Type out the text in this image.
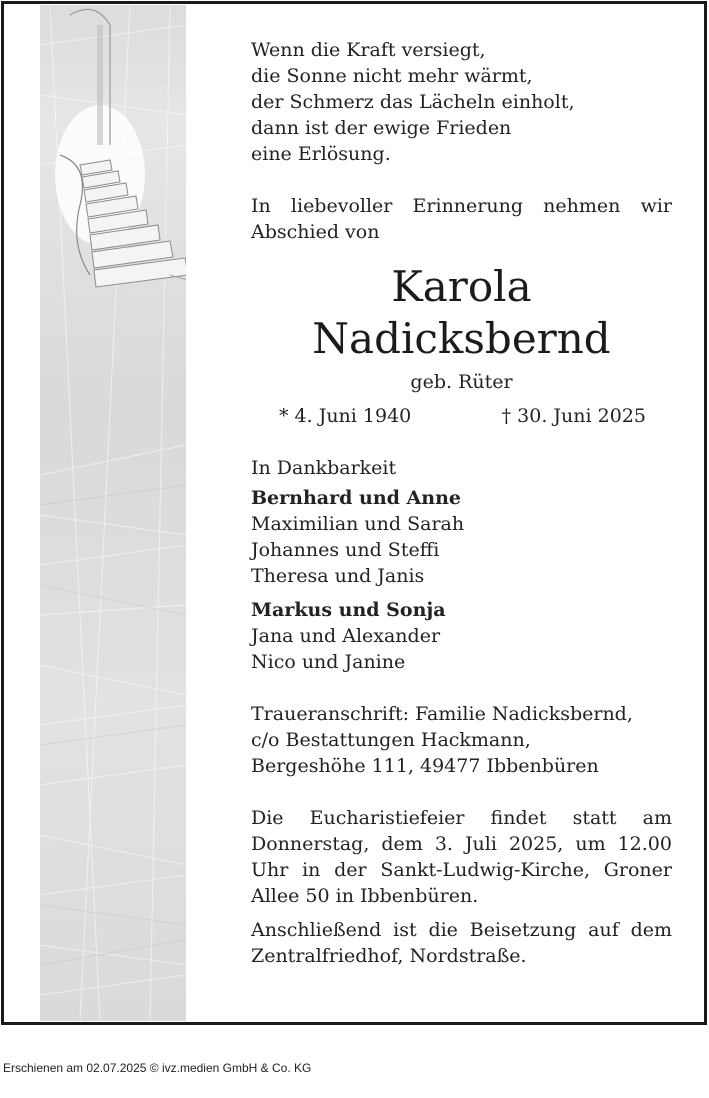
Wenn die Kraft versiegt,
die Sonne nicht mehr wärmt,
der Schmerz das Lächeln einholt,
dann ist der ewige Frieden
eine Erlösung.
In liebevoller Erinnerung nehmen wir Abschied von
Karola
Nadicksbernd
geb. Rüter
* 4. Juni 1940	† 30. Juni 2025
In Dankbarkeit
Bernhard und Anne
Maximilian und Sarah
Johannes und Steffi
Theresa und Janis
Markus und Sonja
Jana und Alexander
Nico und Janine
Traueranschrift: Familie Nadicksbernd,
c/o Bestattungen Hackmann,
Bergeshöhe 111, 49477 Ibbenbüren
Die Eucharistiefeier findet statt am Donnerstag, dem 3. Juli 2025, um 12.00 Uhr in der Sankt-Ludwig-Kirche, Groner Allee 50 in Ibbenbüren.
Anschließend ist die Beisetzung auf dem Zentralfriedhof, Nordstraße.
Erschienen am 02.07.2025 © ivz.medien GmbH & Co. KG
